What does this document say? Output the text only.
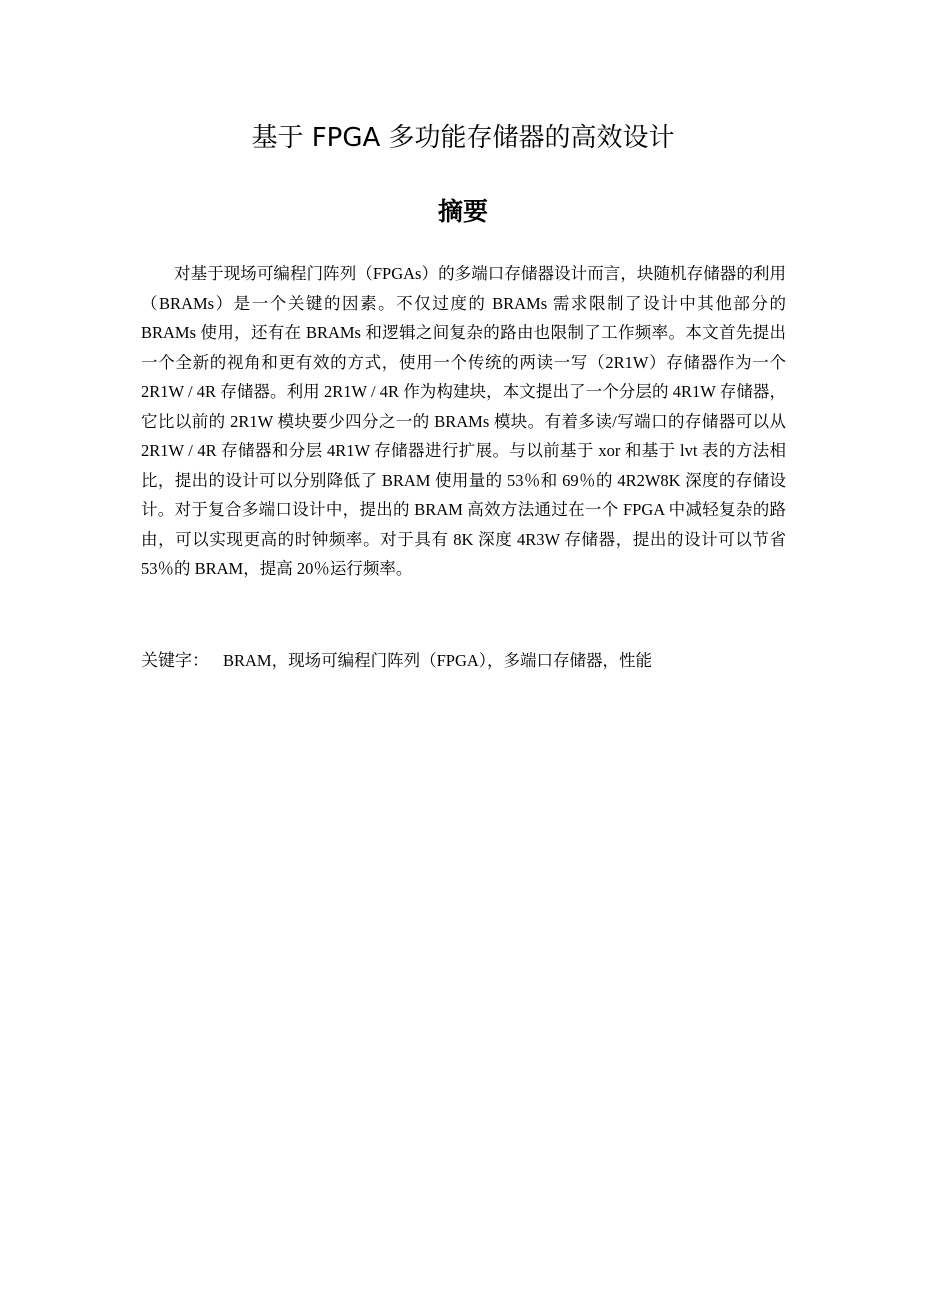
基于 FPGA 多功能存储器的高效设计
摘要

对基于现场可编程门阵列（FPGAs）的多端口存储器设计而言，块随机存储器的利用（BRAMs）是一个关键的因素。不仅过度的 BRAMs 需求限制了设计中其他部分的 BRAMs 使用，还有在 BRAMs 和逻辑之间复杂的路由也限制了工作频率。本文首先提出一个全新的视角和更有效的方式，使用一个传统的两读一写（2R1W）存储器作为一个 2R1W / 4R 存储器。利用 2R1W / 4R 作为构建块，本文提出了一个分层的 4R1W 存储器，它比以前的 2R1W 模块要少四分之一的 BRAMs 模块。有着多读/写端口的存储器可以从 2R1W / 4R 存储器和分层 4R1W 存储器进行扩展。与以前基于 xor 和基于 lvt 表的方法相比，提出的设计可以分别降低了 BRAM 使用量的 53％和 69％的 4R2W8K 深度的存储设计。对于复合多端口设计中，提出的 BRAM 高效方法通过在一个 FPGA 中减轻复杂的路由，可以实现更高的时钟频率。对于具有 8K 深度 4R3W 存储器，提出的设计可以节省 53％的 BRAM，提高 20％运行频率。

关键字： BRAM，现场可编程门阵列（FPGA），多端口存储器，性能
